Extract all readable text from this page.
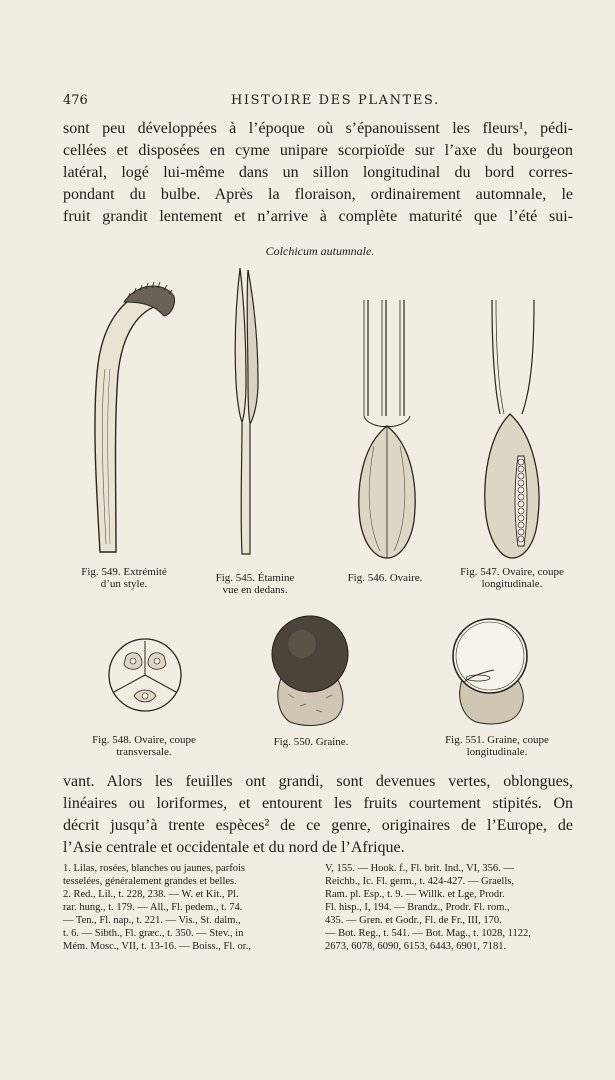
476	HISTOIRE DES PLANTES.

sont peu développées à l’époque où s’épanouissent les fleurs¹, pédi-
cellées et disposées en cyme unipare scorpioïde sur l’axe du bourgeon
latéral, logé lui-même dans un sillon longitudinal du bord corres-
pondant du bulbe. Après la floraison, ordinairement automnale, le
fruit grandit lentement et n’arrive à complète maturité que l’été sui-

Colchicum autumnale.
Fig. 549. Extrémité
d’un style.	Fig. 545. Étamine
vue en dedans.
Fig. 546. Ovaire.	Fig. 547. Ovaire, coupe
longitudinale.
Fig. 548. Ovaire, coupe
transversale.
Fig. 550. Graine.	Fig. 551. Graine, coupe
longitudinale.

vant. Alors les feuilles ont grandi, sont devenues vertes, oblongues,
linéaires ou loriformes, et entourent les fruits courtement stipités. On
décrit jusqu’à trente espèces² de ce genre, originaires de l’Europe, de
l’Asie centrale et occidentale et du nord de l’Afrique.

1. Lilas, rosées, blanches ou jaunes, parfois
tesselées, généralement grandes et belles.
2. Red., Lil., t. 228, 238. — W. et Kit., Pl.
rar. hung., t. 179. — All., Fl. pedem., t. 74.
— Ten., Fl. nap., t. 221. — Vis., St. dalm.,
t. 6. — Sibth., Fl. græc., t. 350. — Stev., in
Mém. Mosc., VII, t. 13-16. — Boiss., Fl. or.,
V, 155. — Hook. f., Fl. brit. Ind., VI, 356. —
Reichb., Ic. Fl. germ., t. 424-427. — Graells,
Ram. pl. Esp., t. 9. — Willk. et Lge, Prodr.
Fl. hisp., I, 194. — Brandz., Prodr. Fl. rom.,
435. — Gren. et Godr., Fl. de Fr., III, 170.
— Bot. Reg., t. 541. — Bot. Mag., t. 1028, 1122,
2673, 6078, 6090, 6153, 6443, 6901, 7181.
